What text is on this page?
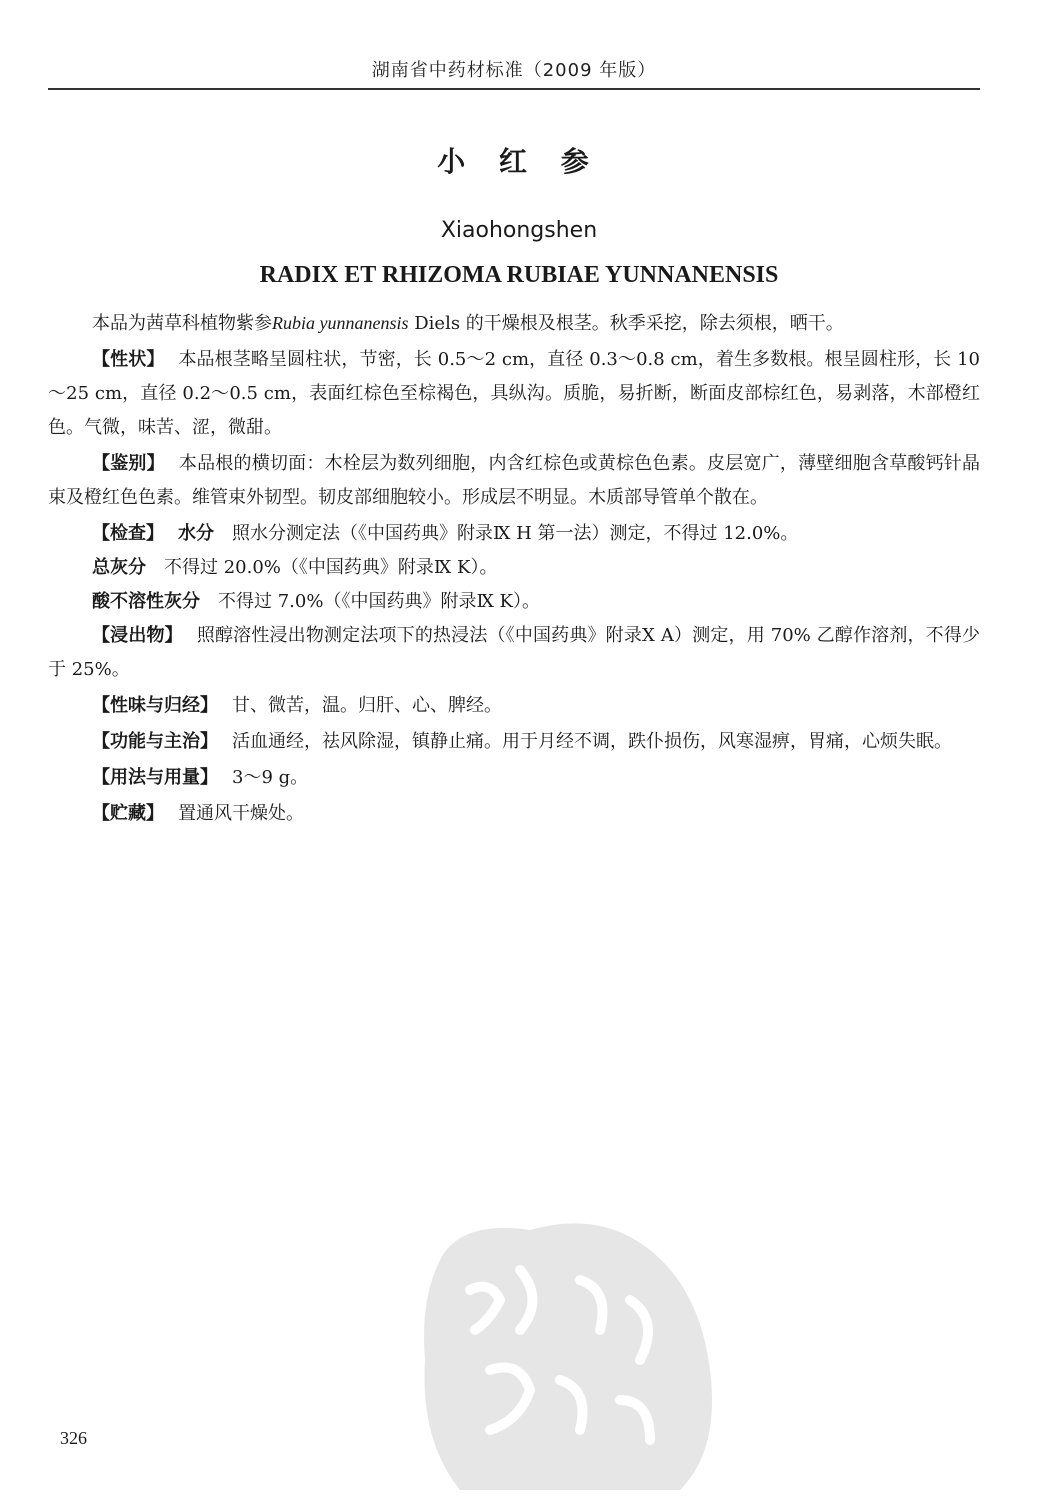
湖南省中药材标准（2009 年版）
小 红 参
Xiaohongshen
RADIX ET RHIZOMA RUBIAE YUNNANENSIS

本品为茜草科植物紫参Rubia yunnanensis Diels 的干燥根及根茎。秋季采挖，除去须根，晒干。

【性状】 本品根茎略呈圆柱状，节密，长 0.5～2 cm，直径 0.3～0.8 cm，着生多数根。根呈圆柱形，长 10～25 cm，直径 0.2～0.5 cm，表面红棕色至棕褐色，具纵沟。质脆，易折断，断面皮部棕红色，易剥落，木部橙红色。气微，味苦、涩，微甜。

【鉴别】 本品根的横切面：木栓层为数列细胞，内含红棕色或黄棕色色素。皮层宽广，薄壁细胞含草酸钙针晶束及橙红色色素。维管束外韧型。韧皮部细胞较小。形成层不明显。木质部导管单个散在。

【检查】 水分 照水分测定法（《中国药典》附录Ⅸ H 第一法）测定，不得过 12.0%。

总灰分 不得过 20.0%（《中国药典》附录Ⅸ K）。

酸不溶性灰分 不得过 7.0%（《中国药典》附录Ⅸ K）。

【浸出物】 照醇溶性浸出物测定法项下的热浸法（《中国药典》附录Ⅹ A）测定，用 70% 乙醇作溶剂，不得少于 25%。

【性味与归经】 甘、微苦，温。归肝、心、脾经。

【功能与主治】 活血通经，祛风除湿，镇静止痛。用于月经不调，跌仆损伤，风寒湿痹，胃痛，心烦失眠。

【用法与用量】 3～9 g。

【贮藏】 置通风干燥处。

326
